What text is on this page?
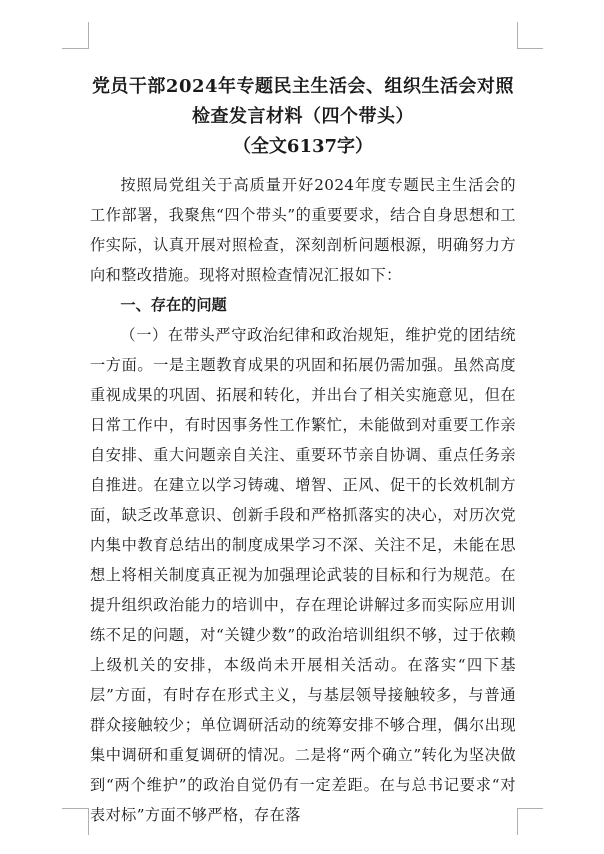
党员干部2024年专题民主生活会、组织生活会对照
检查发言材料（四个带头）

（全文6137字）

按照局党组关于高质量开好2024年度专题民主生活会的工作部署，我聚焦“四个带头”的重要要求，结合自身思想和工作实际，认真开展对照检查，深刻剖析问题根源，明确努力方向和整改措施。现将对照检查情况汇报如下：

一、存在的问题

（一）在带头严守政治纪律和政治规矩，维护党的团结统一方面。一是主题教育成果的巩固和拓展仍需加强。虽然高度重视成果的巩固、拓展和转化，并出台了相关实施意见，但在日常工作中，有时因事务性工作繁忙，未能做到对重要工作亲自安排、重大问题亲自关注、重要环节亲自协调、重点任务亲自推进。在建立以学习铸魂、增智、正风、促干的长效机制方面，缺乏改革意识、创新手段和严格抓落实的决心，对历次党内集中教育总结出的制度成果学习不深、关注不足，未能在思想上将相关制度真正视为加强理论武装的目标和行为规范。在提升组织政治能力的培训中，存在理论讲解过多而实际应用训练不足的问题，对“关键少数”的政治培训组织不够，过于依赖上级机关的安排，本级尚未开展相关活动。在落实“四下基层”方面，有时存在形式主义，与基层领导接触较多，与普通群众接触较少；单位调研活动的统筹安排不够合理，偶尔出现集中调研和重复调研的情况。二是将“两个确立”转化为坚决做到“两个维护”的政治自觉仍有一定差距。在与总书记要求“对表对标”方面不够严格，存在落
